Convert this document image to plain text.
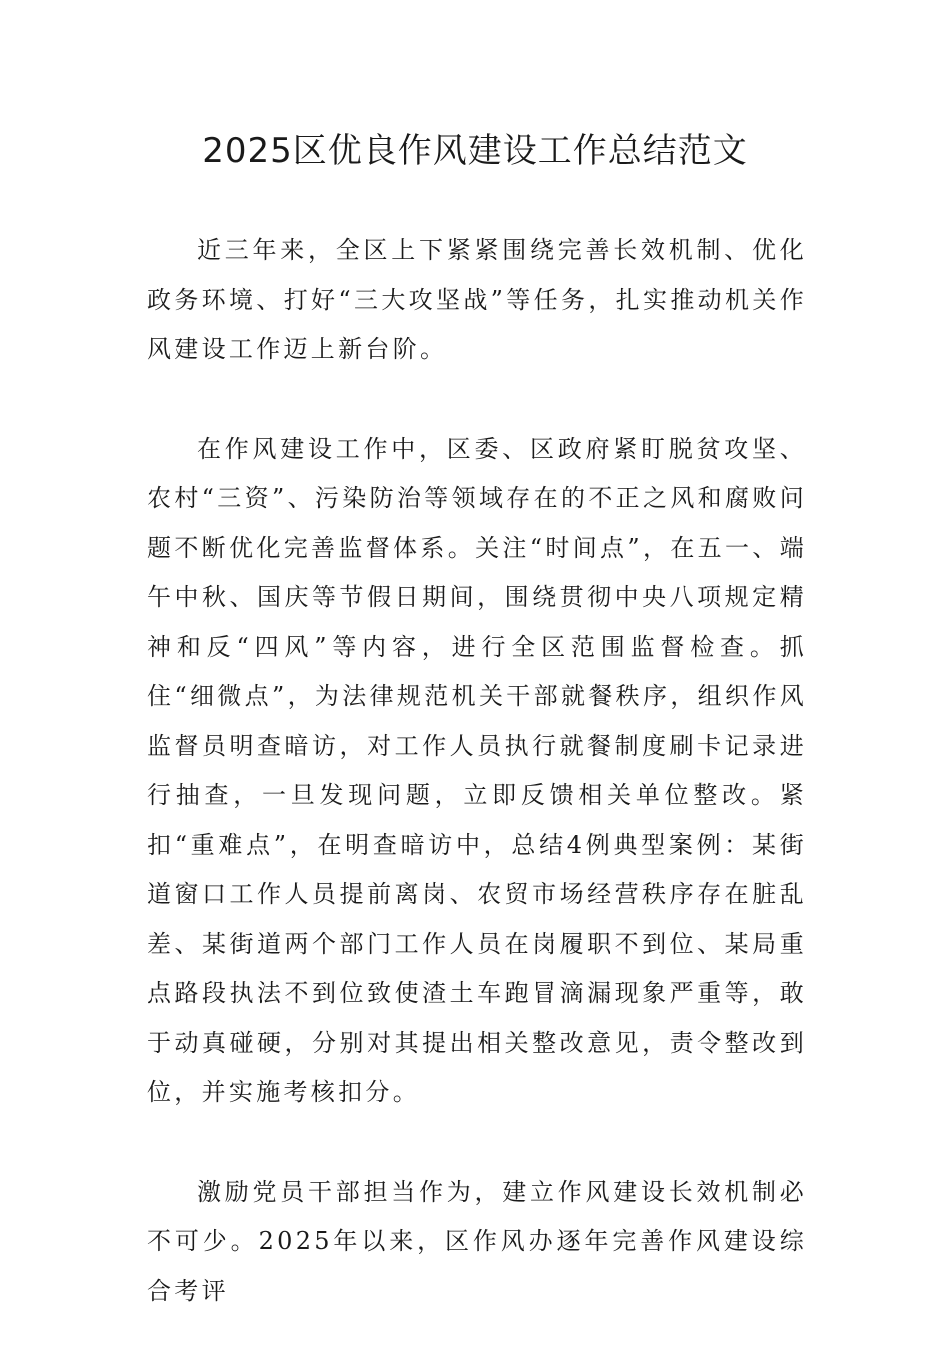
2025区优良作风建设工作总结范文

近三年来，全区上下紧紧围绕完善长效机制、优化政务环境、打好“三大攻坚战”等任务，扎实推动机关作风建设工作迈上新台阶。

在作风建设工作中，区委、区政府紧盯脱贫攻坚、农村“三资”、污染防治等领域存在的不正之风和腐败问题不断优化完善监督体系。关注“时间点”，在五一、端午中秋、国庆等节假日期间，围绕贯彻中央八项规定精神和反“四风”等内容，进行全区范围监督检查。抓住“细微点”，为法律规范机关干部就餐秩序，组织作风监督员明查暗访，对工作人员执行就餐制度刷卡记录进行抽查，一旦发现问题，立即反馈相关单位整改。紧扣“重难点”，在明查暗访中，总结4例典型案例：某街道窗口工作人员提前离岗、农贸市场经营秩序存在脏乱差、某街道两个部门工作人员在岗履职不到位、某局重点路段执法不到位致使渣土车跑冒滴漏现象严重等，敢于动真碰硬，分别对其提出相关整改意见，责令整改到位，并实施考核扣分。

激励党员干部担当作为，建立作风建设长效机制必不可少。2025年以来，区作风办逐年完善作风建设综合考评
